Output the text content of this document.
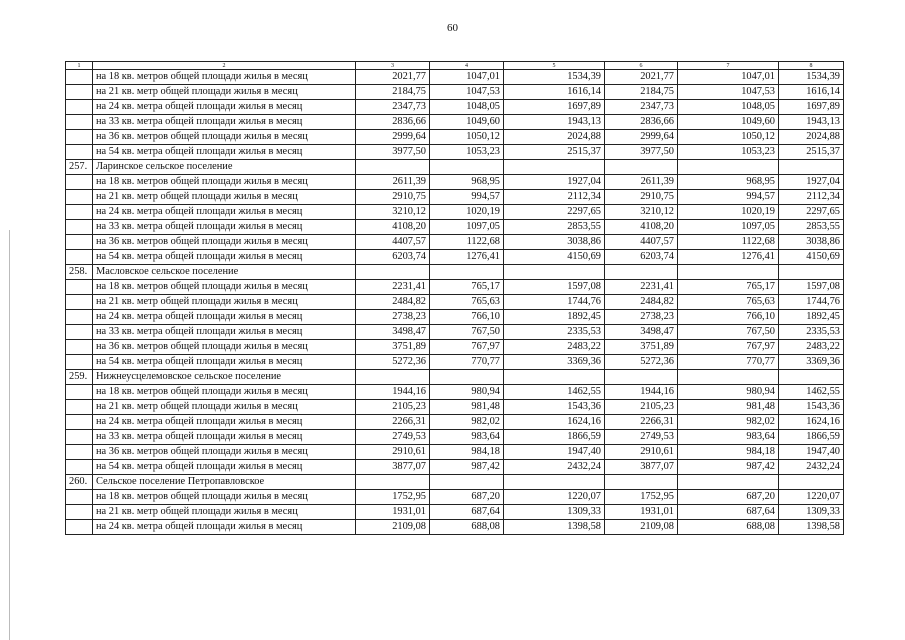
60
1	2	3	4	5	6	7	8
	на 18 кв. метров общей площади жилья в месяц	2021,77	1047,01	1534,39	2021,77	1047,01	1534,39
	на 21 кв. метр общей площади жилья в месяц	2184,75	1047,53	1616,14	2184,75	1047,53	1616,14
	на 24 кв. метра общей площади жилья в месяц	2347,73	1048,05	1697,89	2347,73	1048,05	1697,89
	на 33 кв. метра общей площади жилья в месяц	2836,66	1049,60	1943,13	2836,66	1049,60	1943,13
	на 36 кв. метров общей площади жилья в месяц	2999,64	1050,12	2024,88	2999,64	1050,12	2024,88
	на 54 кв. метра общей площади жилья в месяц	3977,50	1053,23	2515,37	3977,50	1053,23	2515,37
257.	Ларинское сельское поселение						
	на 18 кв. метров общей площади жилья в месяц	2611,39	968,95	1927,04	2611,39	968,95	1927,04
	на 21 кв. метр общей площади жилья в месяц	2910,75	994,57	2112,34	2910,75	994,57	2112,34
	на 24 кв. метра общей площади жилья в месяц	3210,12	1020,19	2297,65	3210,12	1020,19	2297,65
	на 33 кв. метра общей площади жилья в месяц	4108,20	1097,05	2853,55	4108,20	1097,05	2853,55
	на 36 кв. метров общей площади жилья в месяц	4407,57	1122,68	3038,86	4407,57	1122,68	3038,86
	на 54 кв. метра общей площади жилья в месяц	6203,74	1276,41	4150,69	6203,74	1276,41	4150,69
258.	Масловское сельское поселение						
	на 18 кв. метров общей площади жилья в месяц	2231,41	765,17	1597,08	2231,41	765,17	1597,08
	на 21 кв. метр общей площади жилья в месяц	2484,82	765,63	1744,76	2484,82	765,63	1744,76
	на 24 кв. метра общей площади жилья в месяц	2738,23	766,10	1892,45	2738,23	766,10	1892,45
	на 33 кв. метра общей площади жилья в месяц	3498,47	767,50	2335,53	3498,47	767,50	2335,53
	на 36 кв. метров общей площади жилья в месяц	3751,89	767,97	2483,22	3751,89	767,97	2483,22
	на 54 кв. метра общей площади жилья в месяц	5272,36	770,77	3369,36	5272,36	770,77	3369,36
259.	Нижнеусцелемовское сельское поселение						
	на 18 кв. метров общей площади жилья в месяц	1944,16	980,94	1462,55	1944,16	980,94	1462,55
	на 21 кв. метр общей площади жилья в месяц	2105,23	981,48	1543,36	2105,23	981,48	1543,36
	на 24 кв. метра общей площади жилья в месяц	2266,31	982,02	1624,16	2266,31	982,02	1624,16
	на 33 кв. метра общей площади жилья в месяц	2749,53	983,64	1866,59	2749,53	983,64	1866,59
	на 36 кв. метров общей площади жилья в месяц	2910,61	984,18	1947,40	2910,61	984,18	1947,40
	на 54 кв. метра общей площади жилья в месяц	3877,07	987,42	2432,24	3877,07	987,42	2432,24
260.	Сельское поселение Петропавловское						
	на 18 кв. метров общей площади жилья в месяц	1752,95	687,20	1220,07	1752,95	687,20	1220,07
	на 21 кв. метр общей площади жилья в месяц	1931,01	687,64	1309,33	1931,01	687,64	1309,33
	на 24 кв. метра общей площади жилья в месяц	2109,08	688,08	1398,58	2109,08	688,08	1398,58
